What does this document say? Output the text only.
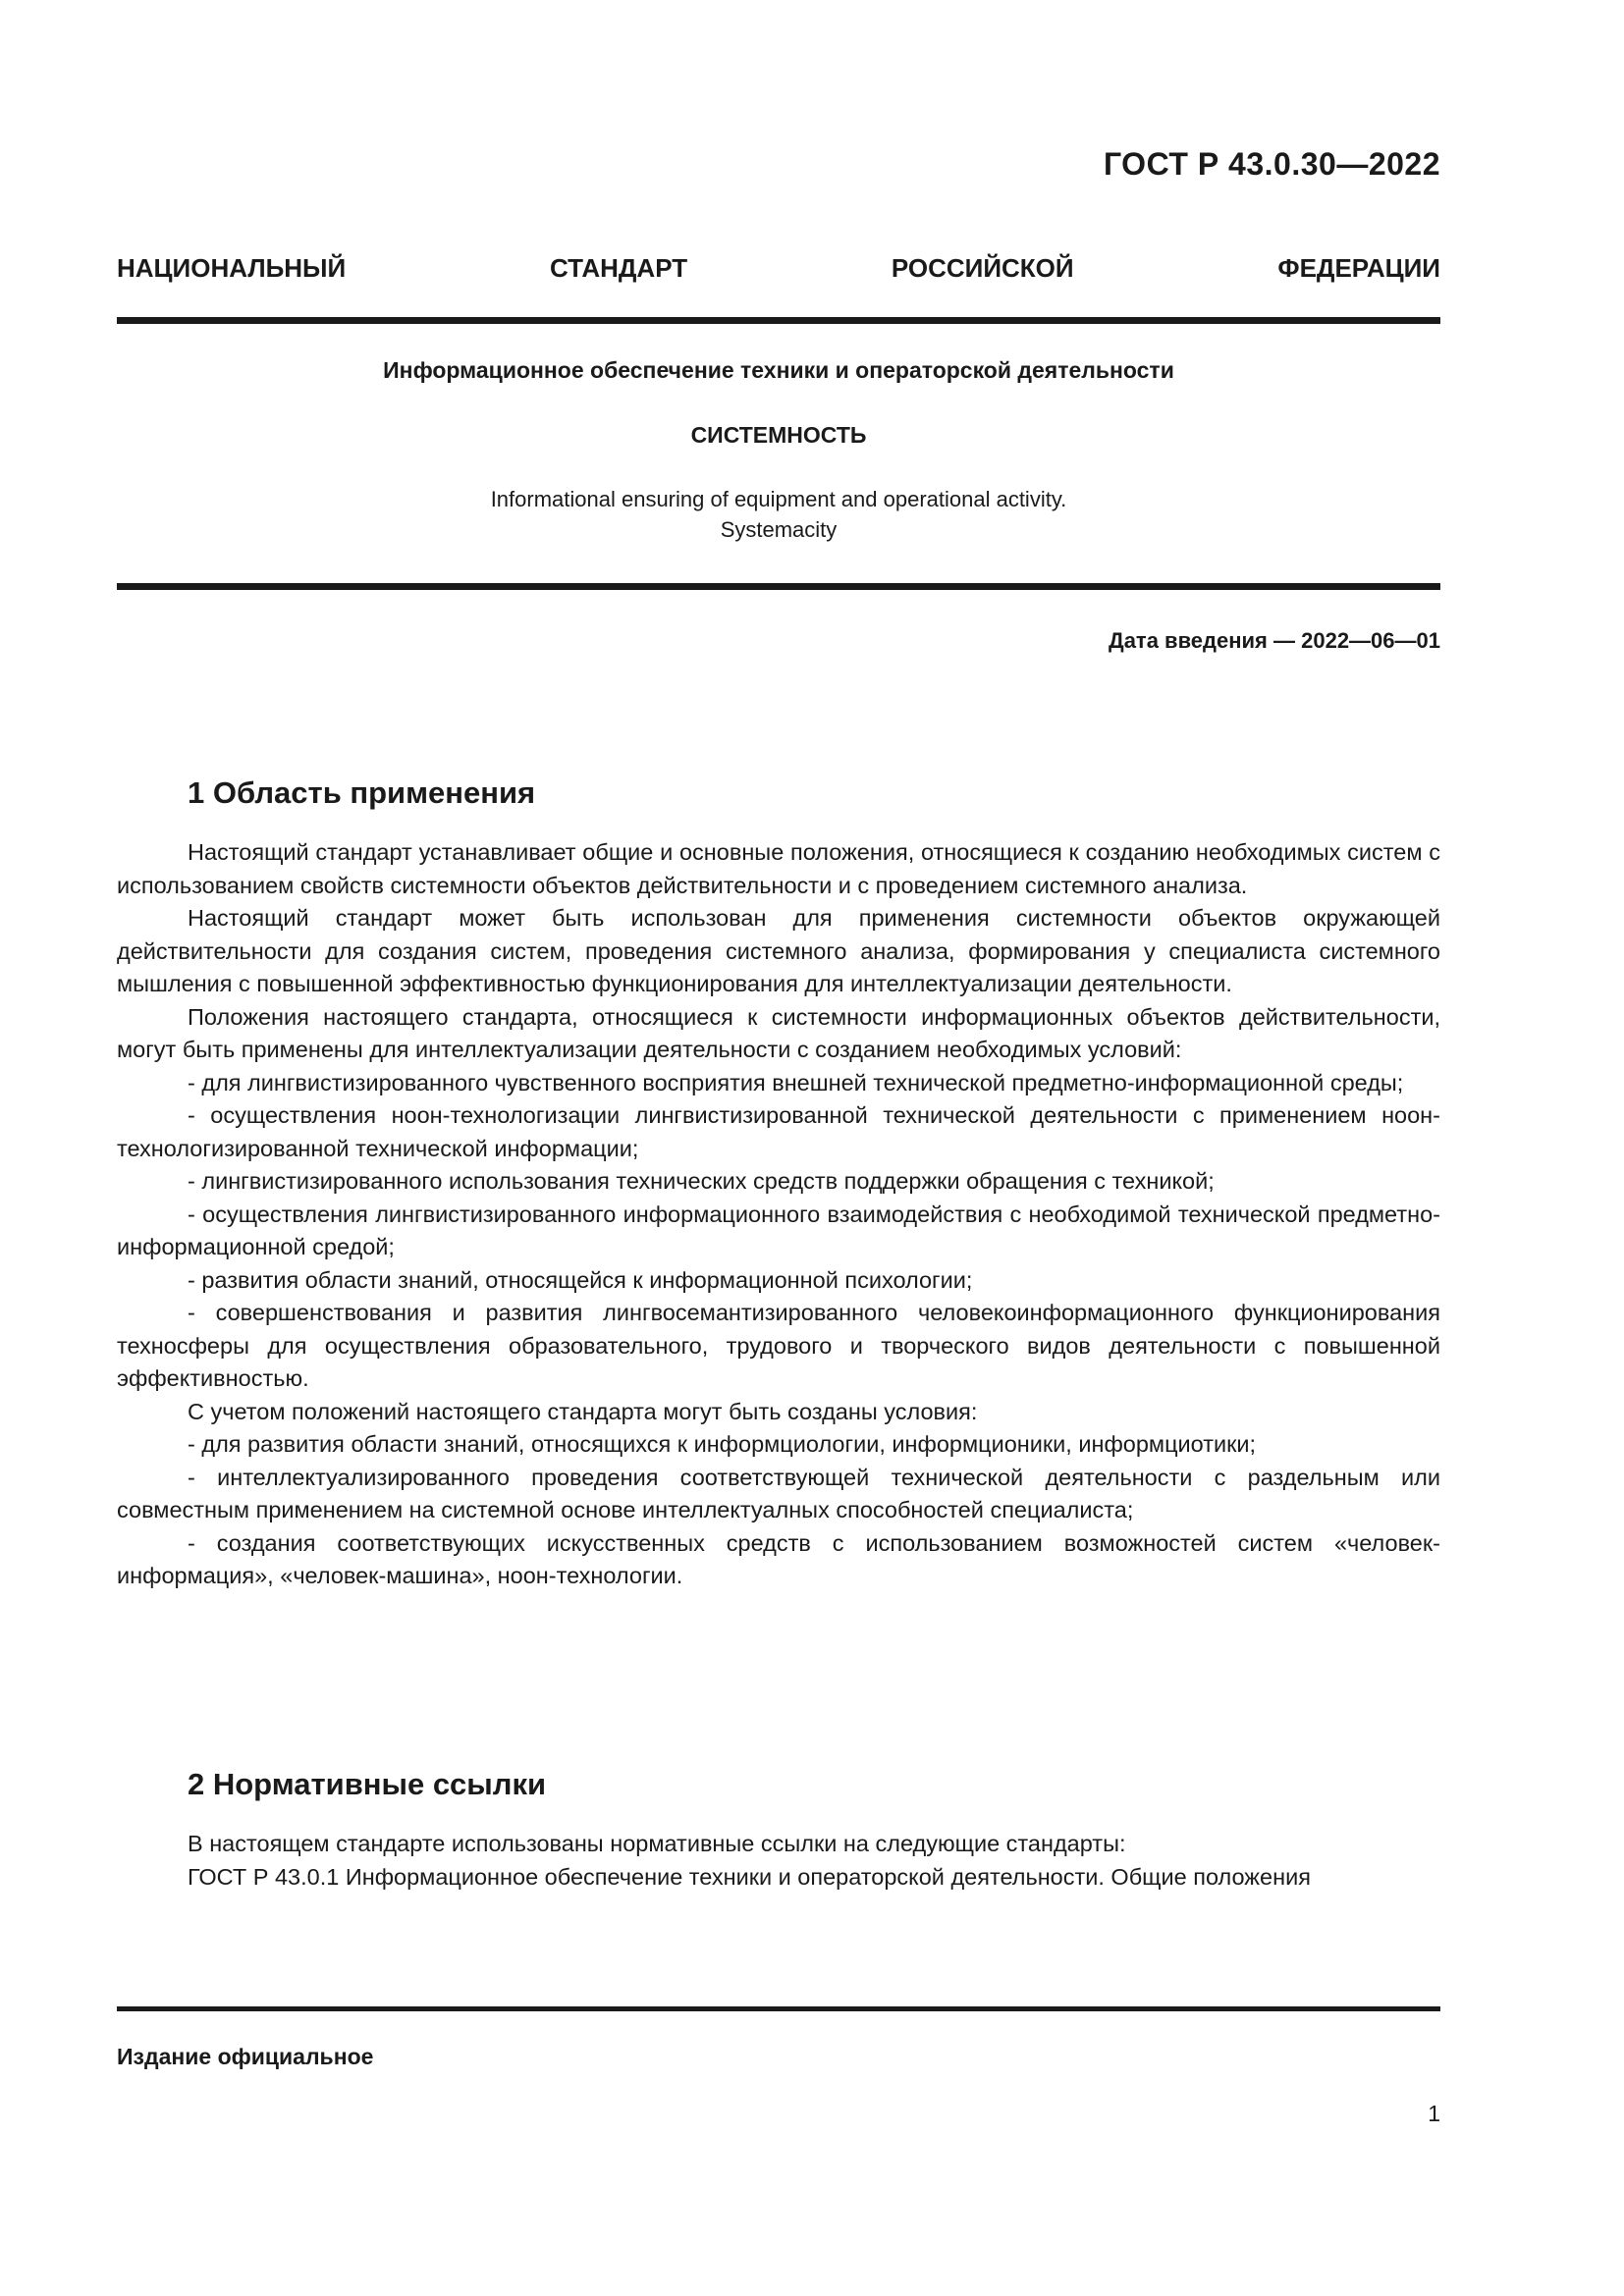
ГОСТ Р 43.0.30—2022
НАЦИОНАЛЬНЫЙ СТАНДАРТ РОССИЙСКОЙ ФЕДЕРАЦИИ
Информационное обеспечение техники и операторской деятельности
СИСТЕМНОСТЬ
Informational ensuring of equipment and operational activity.
Systemacity
Дата введения — 2022—06—01
1 Область применения

Настоящий стандарт устанавливает общие и основные положения, относящиеся к созданию необходимых систем с использованием свойств системности объектов действительности и с проведением системного анализа.

Настоящий стандарт может быть использован для применения системности объектов окружающей действительности для создания систем, проведения системного анализа, формирования у специалиста системного мышления с повышенной эффективностью функционирования для интеллектуализации деятельности.

Положения настоящего стандарта, относящиеся к системности информационных объектов действительности, могут быть применены для интеллектуализации деятельности с созданием необходимых условий:

- для лингвистизированного чувственного восприятия внешней технической предметно-информационной среды;

- осуществления ноон-технологизации лингвистизированной технической деятельности с применением ноон-технологизированной технической информации;

- лингвистизированного использования технических средств поддержки обращения с техникой;

- осуществления лингвистизированного информационного взаимодействия с необходимой технической предметно-информационной средой;

- развития области знаний, относящейся к информационной психологии;

- совершенствования и развития лингвосемантизированного человекоинформационного функционирования техносферы для осуществления образовательного, трудового и творческого видов деятельности с повышенной эффективностью.

С учетом положений настоящего стандарта могут быть созданы условия:

- для развития области знаний, относящихся к информциологии, информционики, информциотики;

- интеллектуализированного проведения соответствующей технической деятельности с раздельным или совместным применением на системной основе интеллектуалных способностей специалиста;

- создания соответствующих искусственных средств с использованием возможностей систем «человек-информация», «человек-машина», ноон-технологии.

2 Нормативные ссылки

В настоящем стандарте использованы нормативные ссылки на следующие стандарты:

ГОСТ Р 43.0.1 Информационное обеспечение техники и операторской деятельности. Общие положения

Издание официальное
1
